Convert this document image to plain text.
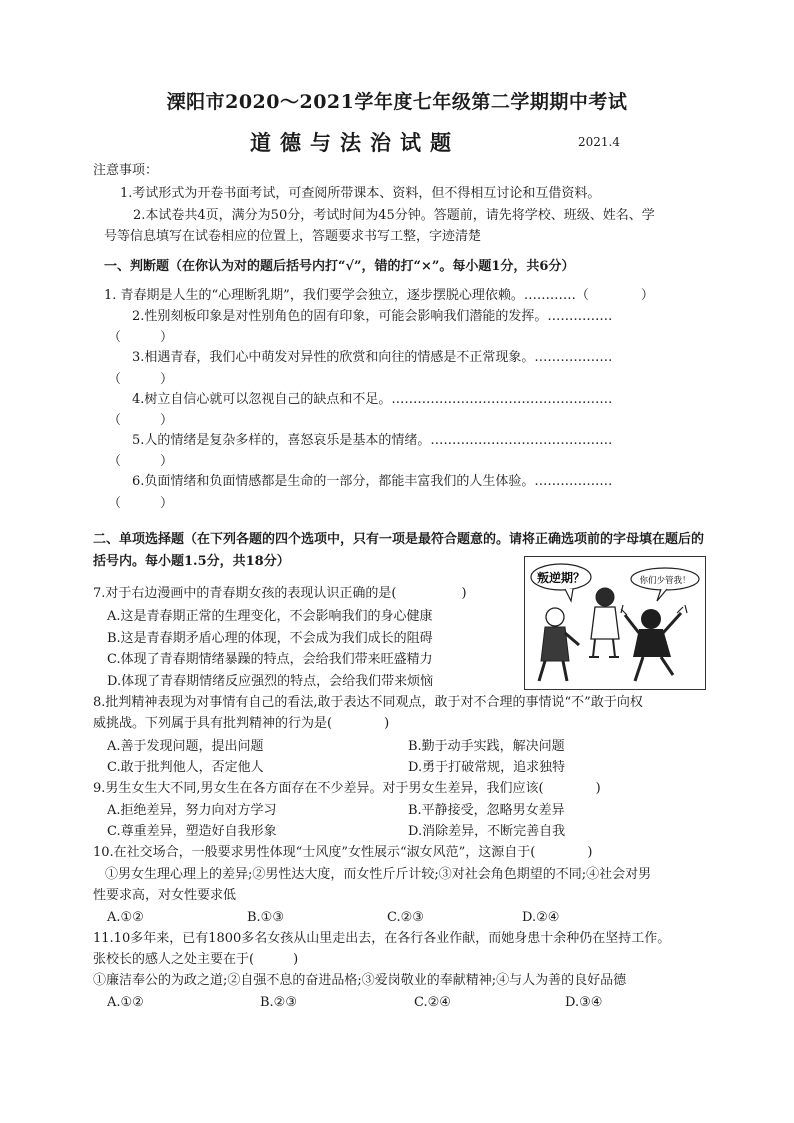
溧阳市2020～2021学年度七年级第二学期期中考试
道德与法治试题	2021.4
注意事项：
1.考试形式为开卷书面考试，可查阅所带课本、资料，但不得相互讨论和互借资料。
2.本试卷共4页，满分为50分，考试时间为45分钟。答题前，请先将学校、班级、姓名、学
号等信息填写在试卷相应的位置上，答题要求书写工整，字迹清楚
一、判断题（在你认为对的题后括号内打“√”，错的打“×”。每小题1分，共6分）
1. 青春期是人生的“心理断乳期”，我们要学会独立，逐步摆脱心理依赖。…………（　　　　）
2.性别刻板印象是对性别角色的固有印象，可能会影响我们潜能的发挥。……………
（　　　）
3.相遇青春，我们心中萌发对异性的欣赏和向往的情感是不正常现象。………………
（　　　）
4.树立自信心就可以忽视自己的缺点和不足。……………………………………………
（　　　）
5.人的情绪是复杂多样的，喜怒哀乐是基本的情绪。……………………………………
（　　　）
6.负面情绪和负面情感都是生命的一部分，都能丰富我们的人生体验。………………
（　　　）
二、单项选择题（在下列各题的四个选项中，只有一项是最符合题意的。请将正确选项前的字母填在题后的
括号内。每小题1.5分，共18分）
7.对于右边漫画中的青春期女孩的表现认识正确的是(　　　　　)
A.这是青春期正常的生理变化，不会影响我们的身心健康
B.这是青春期矛盾心理的体现，不会成为我们成长的阻碍
C.体现了青春期情绪暴躁的特点，会给我们带来旺盛精力
D.体现了青春期情绪反应强烈的特点，会给我们带来烦恼
叛逆期？	你们少管我！
8.批判精神表现为对事情有自己的看法,敢于表达不同观点，敢于对不合理的事情说“不”敢于向权
威挑战。下列属于具有批判精神的行为是(　　　　)
A.善于发现问题，提出问题	B.勤于动手实践，解决问题
C.敢于批判他人，否定他人	D.勇于打破常规，追求独特
9.男生女生大不同,男女生在各方面存在不少差异。对于男女生差异，我们应该(　　　　)
A.拒绝差异，努力向对方学习	B.平静接受，忽略男女差异
C.尊重差异，塑造好自我形象	D.消除差异，不断完善自我
10.在社交场合，一般要求男性体现“士风度”女性展示“淑女风范”，这源自于(　　　　)
①男女生理心理上的差异;②男性达大度，而女性斤斤计较;③对社会角色期望的不同;④社会对男
性要求高，对女性要求低
A.①②	B.①③	C.②③	D.②④
11.10多年来，已有1800多名女孩从山里走出去，在各行各业作献，而她身患十余种仍在坚持工作。
张校长的感人之处主要在于(　　　)
①廉洁奉公的为政之道;②自强不息的奋进品格;③爱岗敬业的奉献精神;④与人为善的良好品德
A.①②	B.②③	C.②④	D.③④
